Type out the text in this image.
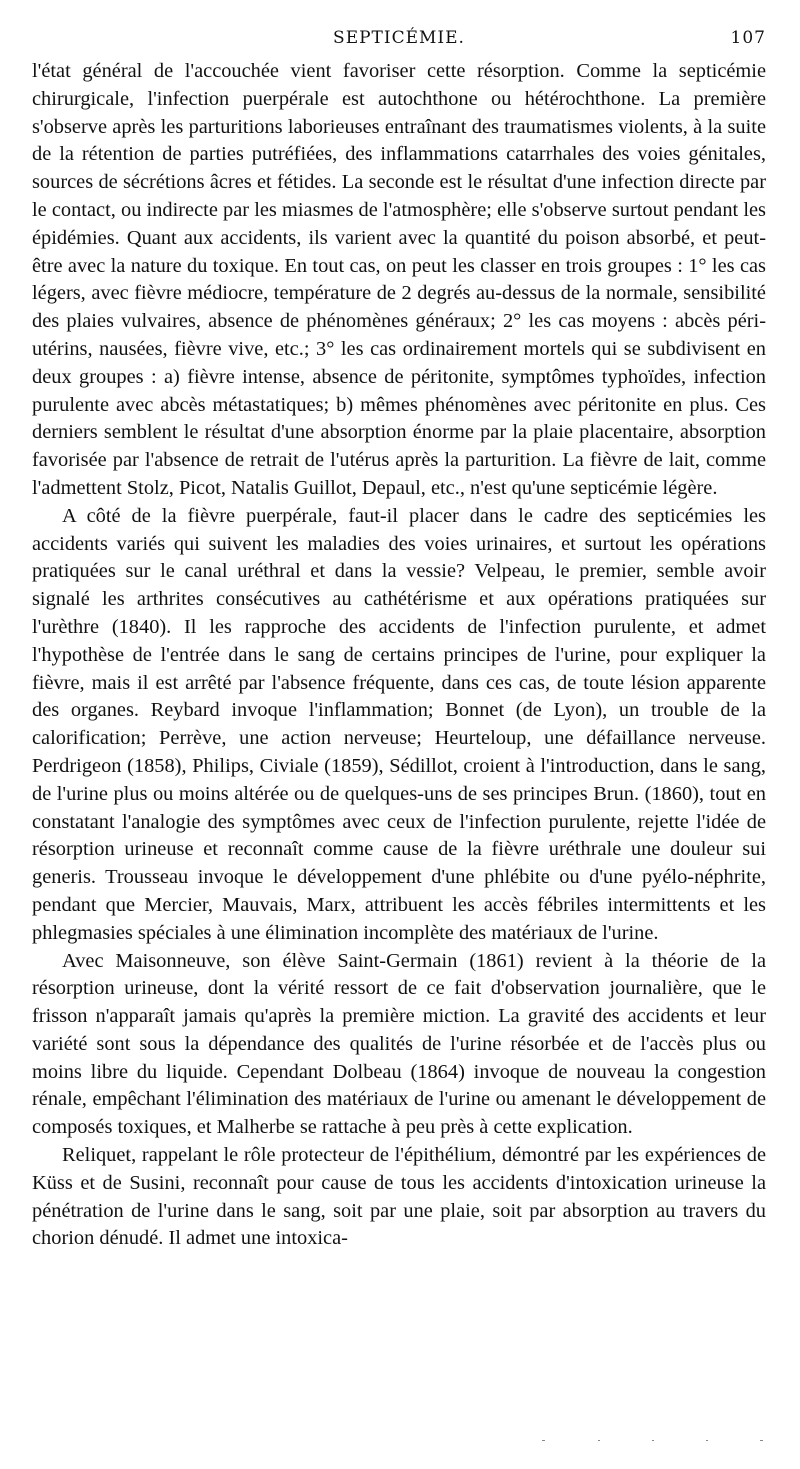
SEPTICÉMIE.	107

l'état général de l'accouchée vient favoriser cette résorption. Comme la septicémie chirurgicale, l'infection puerpérale est autochthone ou hétérochthone. La première s'observe après les parturitions laborieuses entraînant des traumatismes violents, à la suite de la rétention de parties putréfiées, des inflammations catarrhales des voies génitales, sources de sécrétions âcres et fétides. La seconde est le résultat d'une infection directe par le contact, ou indirecte par les miasmes de l'atmosphère; elle s'observe surtout pendant les épidémies. Quant aux accidents, ils varient avec la quantité du poison absorbé, et peut-être avec la nature du toxique. En tout cas, on peut les classer en trois groupes : 1° les cas légers, avec fièvre médiocre, température de 2 degrés au-dessus de la normale, sensibilité des plaies vulvaires, absence de phénomènes généraux; 2° les cas moyens : abcès péri-utérins, nausées, fièvre vive, etc.; 3° les cas ordinairement mortels qui se subdivisent en deux groupes : a) fièvre intense, absence de péritonite, symptômes typhoïdes, infection purulente avec abcès métastatiques; b) mêmes phénomènes avec péritonite en plus. Ces derniers semblent le résultat d'une absorption énorme par la plaie placentaire, absorption favorisée par l'absence de retrait de l'utérus après la parturition. La fièvre de lait, comme l'admettent Stolz, Picot, Natalis Guillot, Depaul, etc., n'est qu'une septicémie légère.

A côté de la fièvre puerpérale, faut-il placer dans le cadre des septicémies les accidents variés qui suivent les maladies des voies urinaires, et surtout les opérations pratiquées sur le canal uréthral et dans la vessie? Velpeau, le premier, semble avoir signalé les arthrites consécutives au cathétérisme et aux opérations pratiquées sur l'urèthre (1840). Il les rapproche des accidents de l'infection purulente, et admet l'hypothèse de l'entrée dans le sang de certains principes de l'urine, pour expliquer la fièvre, mais il est arrêté par l'absence fréquente, dans ces cas, de toute lésion apparente des organes. Reybard invoque l'inflammation; Bonnet (de Lyon), un trouble de la calorification; Perrève, une action nerveuse; Heurteloup, une défaillance nerveuse. Perdrigeon (1858), Philips, Civiale (1859), Sédillot, croient à l'introduction, dans le sang, de l'urine plus ou moins altérée ou de quelques-uns de ses principes Brun. (1860), tout en constatant l'analogie des symptômes avec ceux de l'infection purulente, rejette l'idée de résorption urineuse et reconnaît comme cause de la fièvre uréthrale une douleur sui generis. Trousseau invoque le développement d'une phlébite ou d'une pyélo-néphrite, pendant que Mercier, Mauvais, Marx, attribuent les accès fébriles intermittents et les phlegmasies spéciales à une élimination incomplète des matériaux de l'urine.

Avec Maisonneuve, son élève Saint-Germain (1861) revient à la théorie de la résorption urineuse, dont la vérité ressort de ce fait d'observation journalière, que le frisson n'apparaît jamais qu'après la première miction. La gravité des accidents et leur variété sont sous la dépendance des qualités de l'urine résorbée et de l'accès plus ou moins libre du liquide. Cependant Dolbeau (1864) invoque de nouveau la congestion rénale, empêchant l'élimination des matériaux de l'urine ou amenant le développement de composés toxiques, et Malherbe se rattache à peu près à cette explication.

Reliquet, rappelant le rôle protecteur de l'épithélium, démontré par les expériences de Küss et de Susini, reconnaît pour cause de tous les accidents d'intoxication urineuse la pénétration de l'urine dans le sang, soit par une plaie, soit par absorption au travers du chorion dénudé. Il admet une intoxica-
